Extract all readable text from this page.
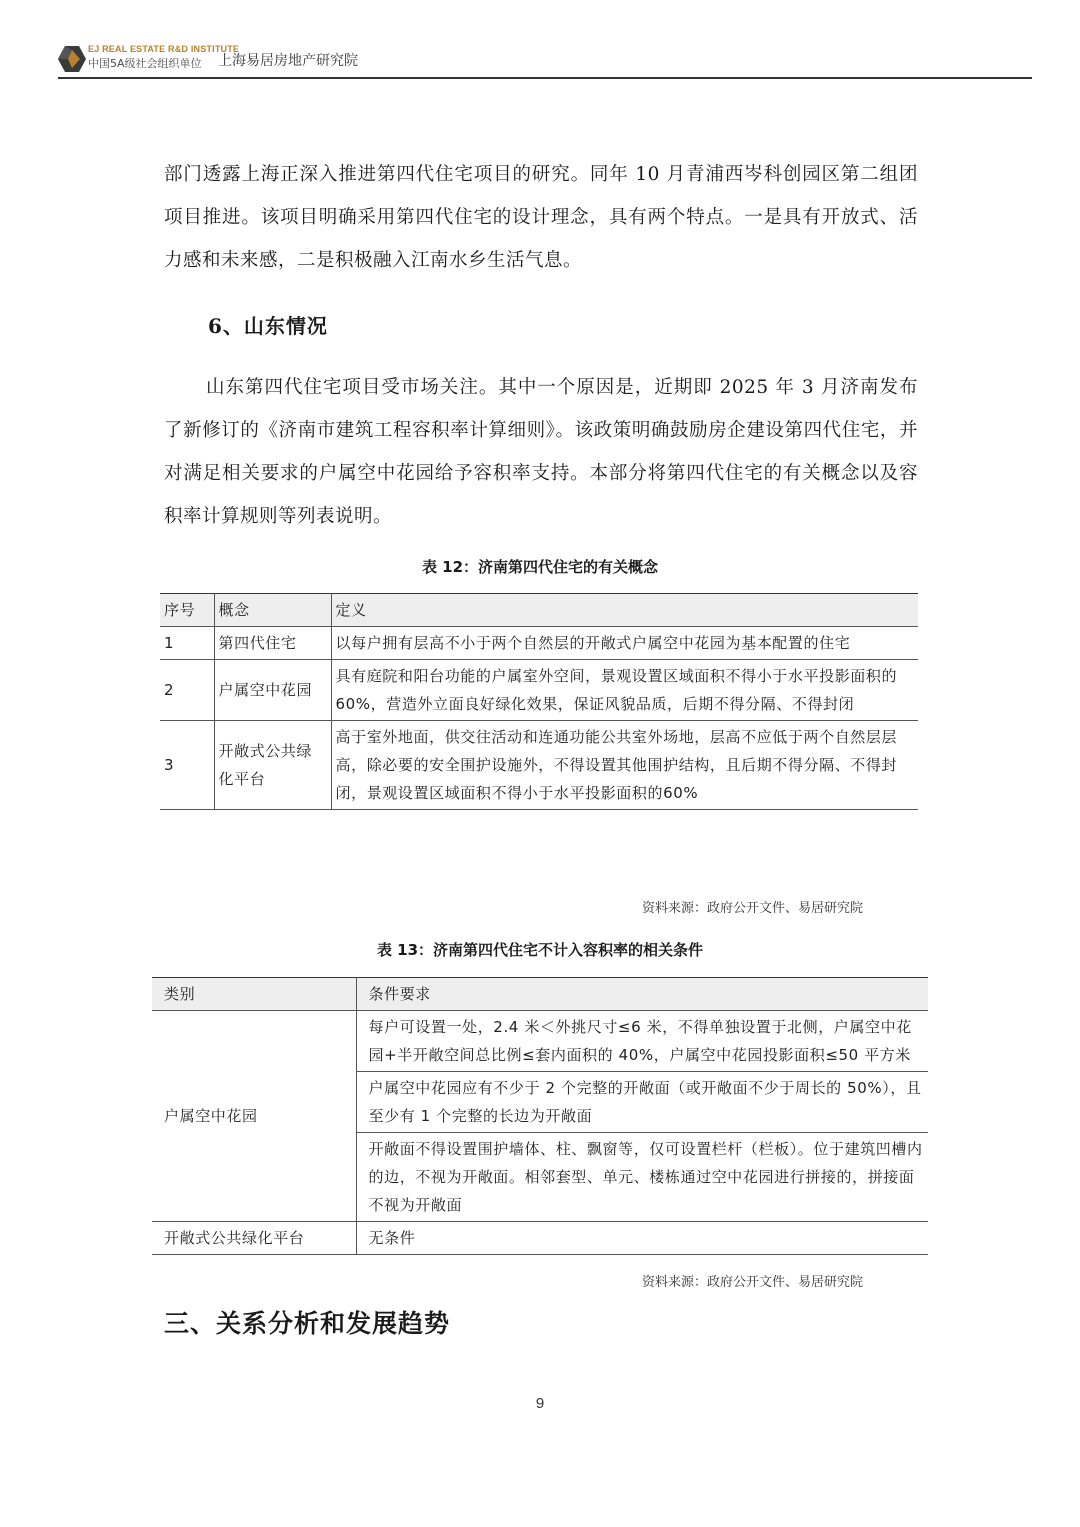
EJ REAL ESTATE R&D INSTITUTE
中国5A级社会组织单位 上海易居房地产研究院

部门透露上海正深入推进第四代住宅项目的研究。同年 10 月青浦西岑科创园区第二组团项目推进。该项目明确采用第四代住宅的设计理念，具有两个特点。一是具有开放式、活力感和未来感，二是积极融入江南水乡生活气息。

6、山东情况

山东第四代住宅项目受市场关注。其中一个原因是，近期即 2025 年 3 月济南发布了新修订的《济南市建筑工程容积率计算细则》。该政策明确鼓励房企建设第四代住宅，并对满足相关要求的户属空中花园给予容积率支持。本部分将第四代住宅的有关概念以及容积率计算规则等列表说明。

表 12：济南第四代住宅的有关概念
序号	概念	定义
1	第四代住宅	以每户拥有层高不小于两个自然层的开敞式户属空中花园为基本配置的住宅
2	户属空中花园	具有庭院和阳台功能的户属室外空间，景观设置区域面积不得小于水平投影面积的 60%，营造外立面良好绿化效果，保证风貌品质，后期不得分隔、不得封闭
3	开敞式公共绿化平台	高于室外地面，供交往活动和连通功能公共室外场地，层高不应低于两个自然层层高，除必要的安全围护设施外，不得设置其他围护结构，且后期不得分隔、不得封闭，景观设置区域面积不得小于水平投影面积的60%
资料来源：政府公开文件、易居研究院
表 13：济南第四代住宅不计入容积率的相关条件
类别	条件要求
户属空中花园	每户可设置一处，2.4 米＜外挑尺寸≤6 米，不得单独设置于北侧，户属空中花园+半开敞空间总比例≤套内面积的 40%，户属空中花园投影面积≤50 平方米
	户属空中花园应有不少于 2 个完整的开敞面（或开敞面不少于周长的 50%），且至少有 1 个完整的长边为开敞面
	开敞面不得设置围护墙体、柱、飘窗等，仅可设置栏杆（栏板）。位于建筑凹槽内的边，不视为开敞面。相邻套型、单元、楼栋通过空中花园进行拼接的，拼接面不视为开敞面
开敞式公共绿化平台	无条件
资料来源：政府公开文件、易居研究院
三、关系分析和发展趋势
9
